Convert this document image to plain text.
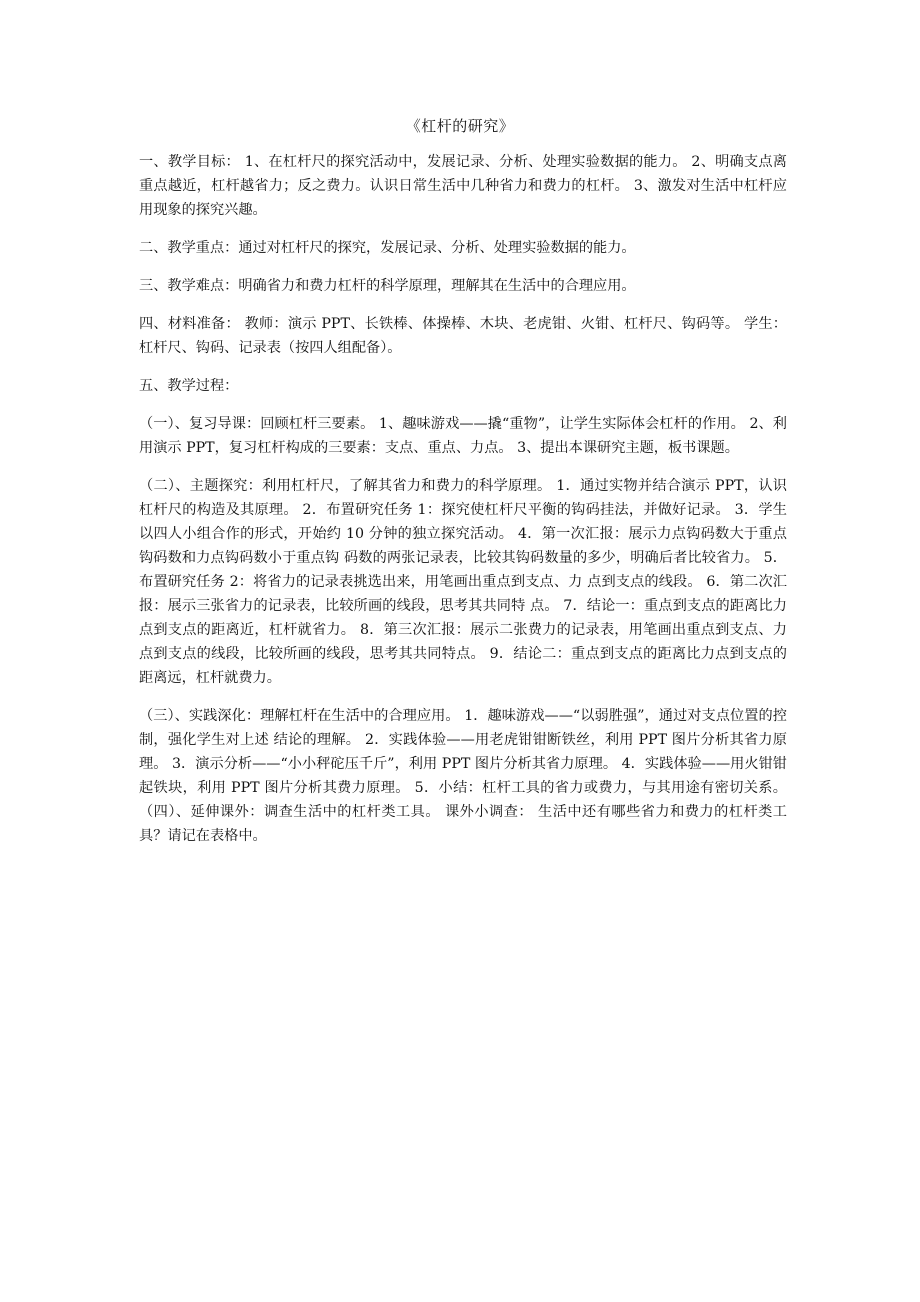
《杠杆的研究》

一、教学目标： 1、在杠杆尺的探究活动中，发展记录、分析、处理实验数据的能力。 2、明确支点离重点越近，杠杆越省力；反之费力。认识日常生活中几种省力和费力的杠杆。 3、激发对生活中杠杆应用现象的探究兴趣。

二、教学重点：通过对杠杆尺的探究，发展记录、分析、处理实验数据的能力。

三、教学难点：明确省力和费力杠杆的科学原理，理解其在生活中的合理应用。

四、材料准备： 教师：演示 PPT、长铁棒、体操棒、木块、老虎钳、火钳、杠杆尺、钩码等。 学生：杠杆尺、钩码、记录表（按四人组配备）。

五、教学过程：

（一）、复习导课：回顾杠杆三要素。 1、趣味游戏——撬“重物”，让学生实际体会杠杆的作用。 2、利用演示 PPT，复习杠杆构成的三要素：支点、重点、力点。 3、提出本课研究主题，板书课题。

（二）、主题探究：利用杠杆尺，了解其省力和费力的科学原理。 1．通过实物并结合演示 PPT，认识杠杆尺的构造及其原理。 2．布置研究任务 1：探究使杠杆尺平衡的钩码挂法，并做好记录。 3．学生以四人小组合作的形式，开始约 10 分钟的独立探究活动。 4．第一次汇报：展示力点钩码数大于重点钩码数和力点钩码数小于重点钩 码数的两张记录表，比较其钩码数量的多少，明确后者比较省力。 5．布置研究任务 2：将省力的记录表挑选出来，用笔画出重点到支点、力 点到支点的线段。 6．第二次汇报：展示三张省力的记录表，比较所画的线段，思考其共同特 点。 7．结论一：重点到支点的距离比力点到支点的距离近，杠杆就省力。 8．第三次汇报：展示二张费力的记录表，用笔画出重点到支点、力点到支点的线段，比较所画的线段，思考其共同特点。 9．结论二：重点到支点的距离比力点到支点的距离远，杠杆就费力。

（三）、实践深化：理解杠杆在生活中的合理应用。 1．趣味游戏——“以弱胜强”，通过对支点位置的控制，强化学生对上述 结论的理解。 2．实践体验——用老虎钳钳断铁丝，利用 PPT 图片分析其省力原理。 3．演示分析——“小小秤砣压千斤”，利用 PPT 图片分析其省力原理。 4．实践体验——用火钳钳起铁块，利用 PPT 图片分析其费力原理。 5．小结：杠杆工具的省力或费力，与其用途有密切关系。 （四）、延伸课外：调查生活中的杠杆类工具。 课外小调查： 生活中还有哪些省力和费力的杠杆类工具？请记在表格中。
